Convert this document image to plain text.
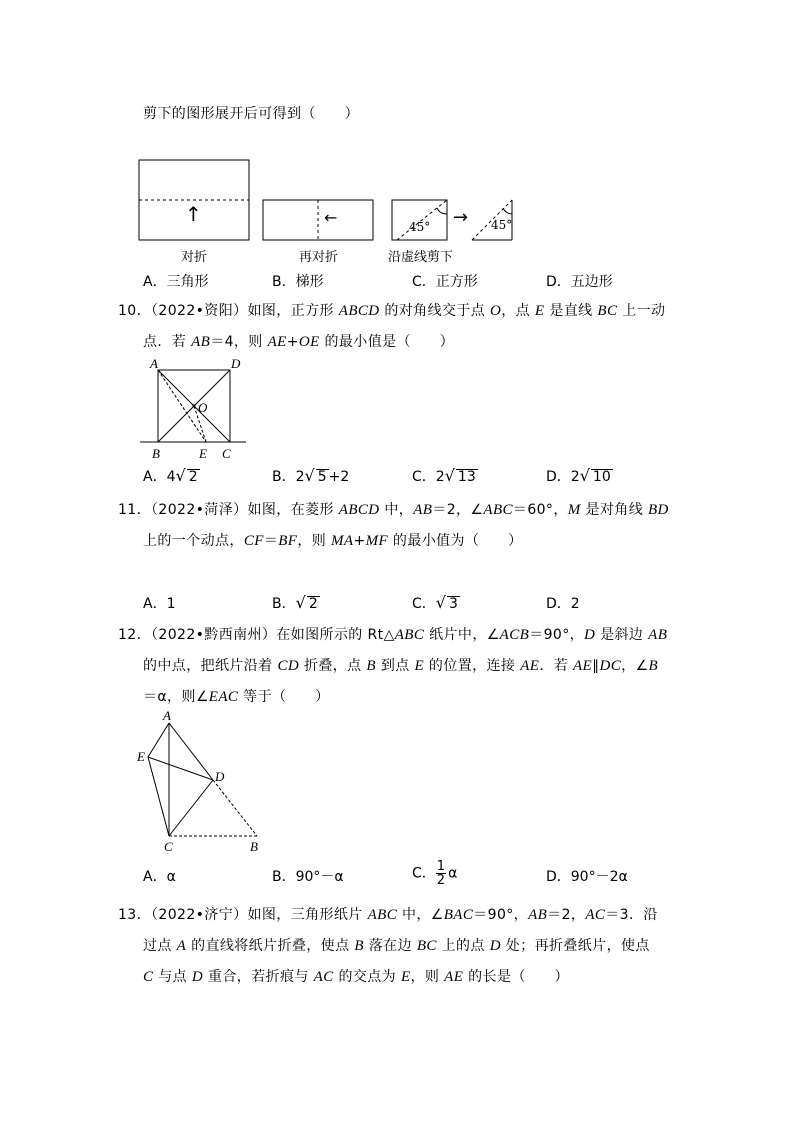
剪下的图形展开后可得到（　　）
↑	←	→
45°	45°
对折	再对折	沿虚线剪下
A．三角形	B．梯形	C．正方形	D．五边形
10．（2022•资阳）如图，正方形 ABCD 的对角线交于点 O，点 E 是直线 BC 上一动
点．若 AB＝4，则 AE+OE 的最小值是（　　）
A	D
O
B	E C
A．4√ 2	B．2√ 5 +2	C．2√ 13	D．2√ 10
11．（2022•菏泽）如图，在菱形 ABCD 中，AB＝2，∠ABC＝60°，M 是对角线 BD
上的一个动点，CF＝BF，则 MA+MF 的最小值为（　　）
A．1	B．√ 2	C．√ 3	D．2
12．（2022•黔西南州）在如图所示的 Rt△ABC 纸片中，∠ACB＝90°，D 是斜边 AB
的中点，把纸片沿着 CD 折叠，点 B 到点 E 的位置，连接 AE．若 AE∥DC，∠B
＝α，则∠EAC 等于（　　）
A
E
D
C	B
A．α	B．90°－α	C． $\frac{1}{2}$ α	D．90°－2α
13．（2022•济宁）如图，三角形纸片 ABC 中，∠BAC＝90°，AB＝2，AC＝3．沿
过点 A 的直线将纸片折叠，使点 B 落在边 BC 上的点 D 处；再折叠纸片，使点
C 与点 D 重合，若折痕与 AC 的交点为 E，则 AE 的长是（　　）
